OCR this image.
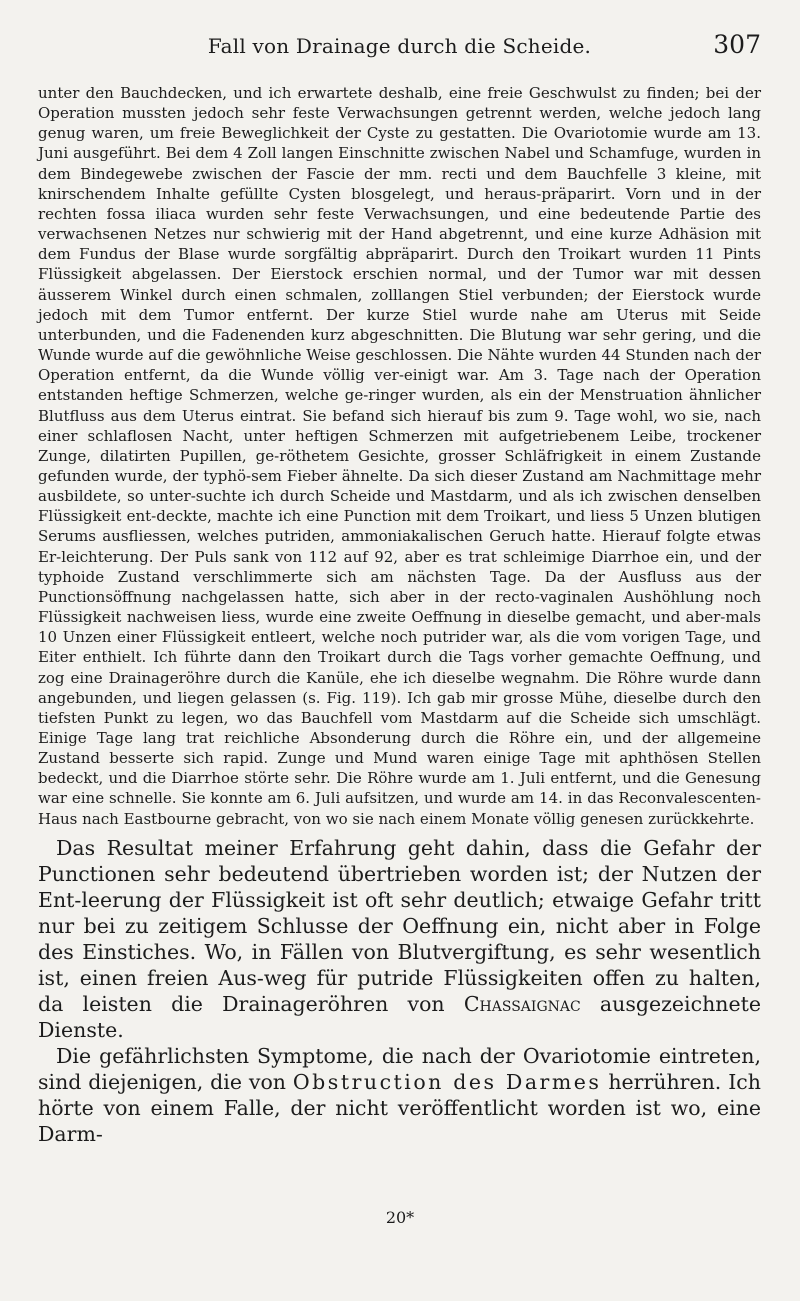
Fall von Drainage durch die Scheide.	307

unter den Bauchdecken, und ich erwartete deshalb, eine freie Geschwulst zu finden; bei der Operation mussten jedoch sehr feste Verwachsungen getrennt werden, welche jedoch lang genug waren, um freie Beweglichkeit der Cyste zu gestatten. Die Ovariotomie wurde am 13. Juni ausgeführt. Bei dem 4 Zoll langen Einschnitte zwischen Nabel und Schamfuge, wurden in dem Bindegewebe zwischen der Fascie der mm. recti und dem Bauchfelle 3 kleine, mit knirschendem Inhalte gefüllte Cysten blosgelegt, und heraus-präparirt. Vorn und in der rechten fossa iliaca wurden sehr feste Verwachsungen, und eine bedeutende Partie des verwachsenen Netzes nur schwierig mit der Hand abgetrennt, und eine kurze Adhäsion mit dem Fundus der Blase wurde sorgfältig abpräparirt. Durch den Troikart wurden 11 Pints Flüssigkeit abgelassen. Der Eierstock erschien normal, und der Tumor war mit dessen äusserem Winkel durch einen schmalen, zolllangen Stiel verbunden; der Eierstock wurde jedoch mit dem Tumor entfernt. Der kurze Stiel wurde nahe am Uterus mit Seide unterbunden, und die Fadenenden kurz abgeschnitten. Die Blutung war sehr gering, und die Wunde wurde auf die gewöhnliche Weise geschlossen. Die Nähte wurden 44 Stunden nach der Operation entfernt, da die Wunde völlig ver-einigt war. Am 3. Tage nach der Operation entstanden heftige Schmerzen, welche ge-ringer wurden, als ein der Menstruation ähnlicher Blutfluss aus dem Uterus eintrat. Sie befand sich hierauf bis zum 9. Tage wohl, wo sie, nach einer schlaflosen Nacht, unter heftigen Schmerzen mit aufgetriebenem Leibe, trockener Zunge, dilatirten Pupillen, ge-röthetem Gesichte, grosser Schläfrigkeit in einem Zustande gefunden wurde, der typhö-sem Fieber ähnelte. Da sich dieser Zustand am Nachmittage mehr ausbildete, so unter-suchte ich durch Scheide und Mastdarm, und als ich zwischen denselben Flüssigkeit ent-deckte, machte ich eine Punction mit dem Troikart, und liess 5 Unzen blutigen Serums ausfliessen, welches putriden, ammoniakalischen Geruch hatte. Hierauf folgte etwas Er-leichterung. Der Puls sank von 112 auf 92, aber es trat schleimige Diarrhoe ein, und der typhoide Zustand verschlimmerte sich am nächsten Tage. Da der Ausfluss aus der Punctionsöffnung nachgelassen hatte, sich aber in der recto-vaginalen Aushöhlung noch Flüssigkeit nachweisen liess, wurde eine zweite Oeffnung in dieselbe gemacht, und aber-mals 10 Unzen einer Flüssigkeit entleert, welche noch putrider war, als die vom vorigen Tage, und Eiter enthielt. Ich führte dann den Troikart durch die Tags vorher gemachte Oeffnung, und zog eine Drainageröhre durch die Kanüle, ehe ich dieselbe wegnahm. Die Röhre wurde dann angebunden, und liegen gelassen (s. Fig. 119). Ich gab mir grosse Mühe, dieselbe durch den tiefsten Punkt zu legen, wo das Bauchfell vom Mastdarm auf die Scheide sich umschlägt. Einige Tage lang trat reichliche Absonderung durch die Röhre ein, und der allgemeine Zustand besserte sich rapid. Zunge und Mund waren einige Tage mit aphthösen Stellen bedeckt, und die Diarrhoe störte sehr. Die Röhre wurde am 1. Juli entfernt, und die Genesung war eine schnelle. Sie konnte am 6. Juli aufsitzen, und wurde am 14. in das Reconvalescenten-Haus nach Eastbourne gebracht, von wo sie nach einem Monate völlig genesen zurückkehrte.

Das Resultat meiner Erfahrung geht dahin, dass die Gefahr der Punctionen sehr bedeutend übertrieben worden ist; der Nutzen der Ent-leerung der Flüssigkeit ist oft sehr deutlich; etwaige Gefahr tritt nur bei zu zeitigem Schlusse der Oeffnung ein, nicht aber in Folge des Einstiches. Wo, in Fällen von Blutvergiftung, es sehr wesentlich ist, einen freien Aus-weg für putride Flüssigkeiten offen zu halten, da leisten die Drainageröhren von Chassaignac ausgezeichnete Dienste.

Die gefährlichsten Symptome, die nach der Ovariotomie eintreten, sind diejenigen, die von Obstruction des Darmes herrühren. Ich hörte von einem Falle, der nicht veröffentlicht worden ist wo, eine Darm-

20*
